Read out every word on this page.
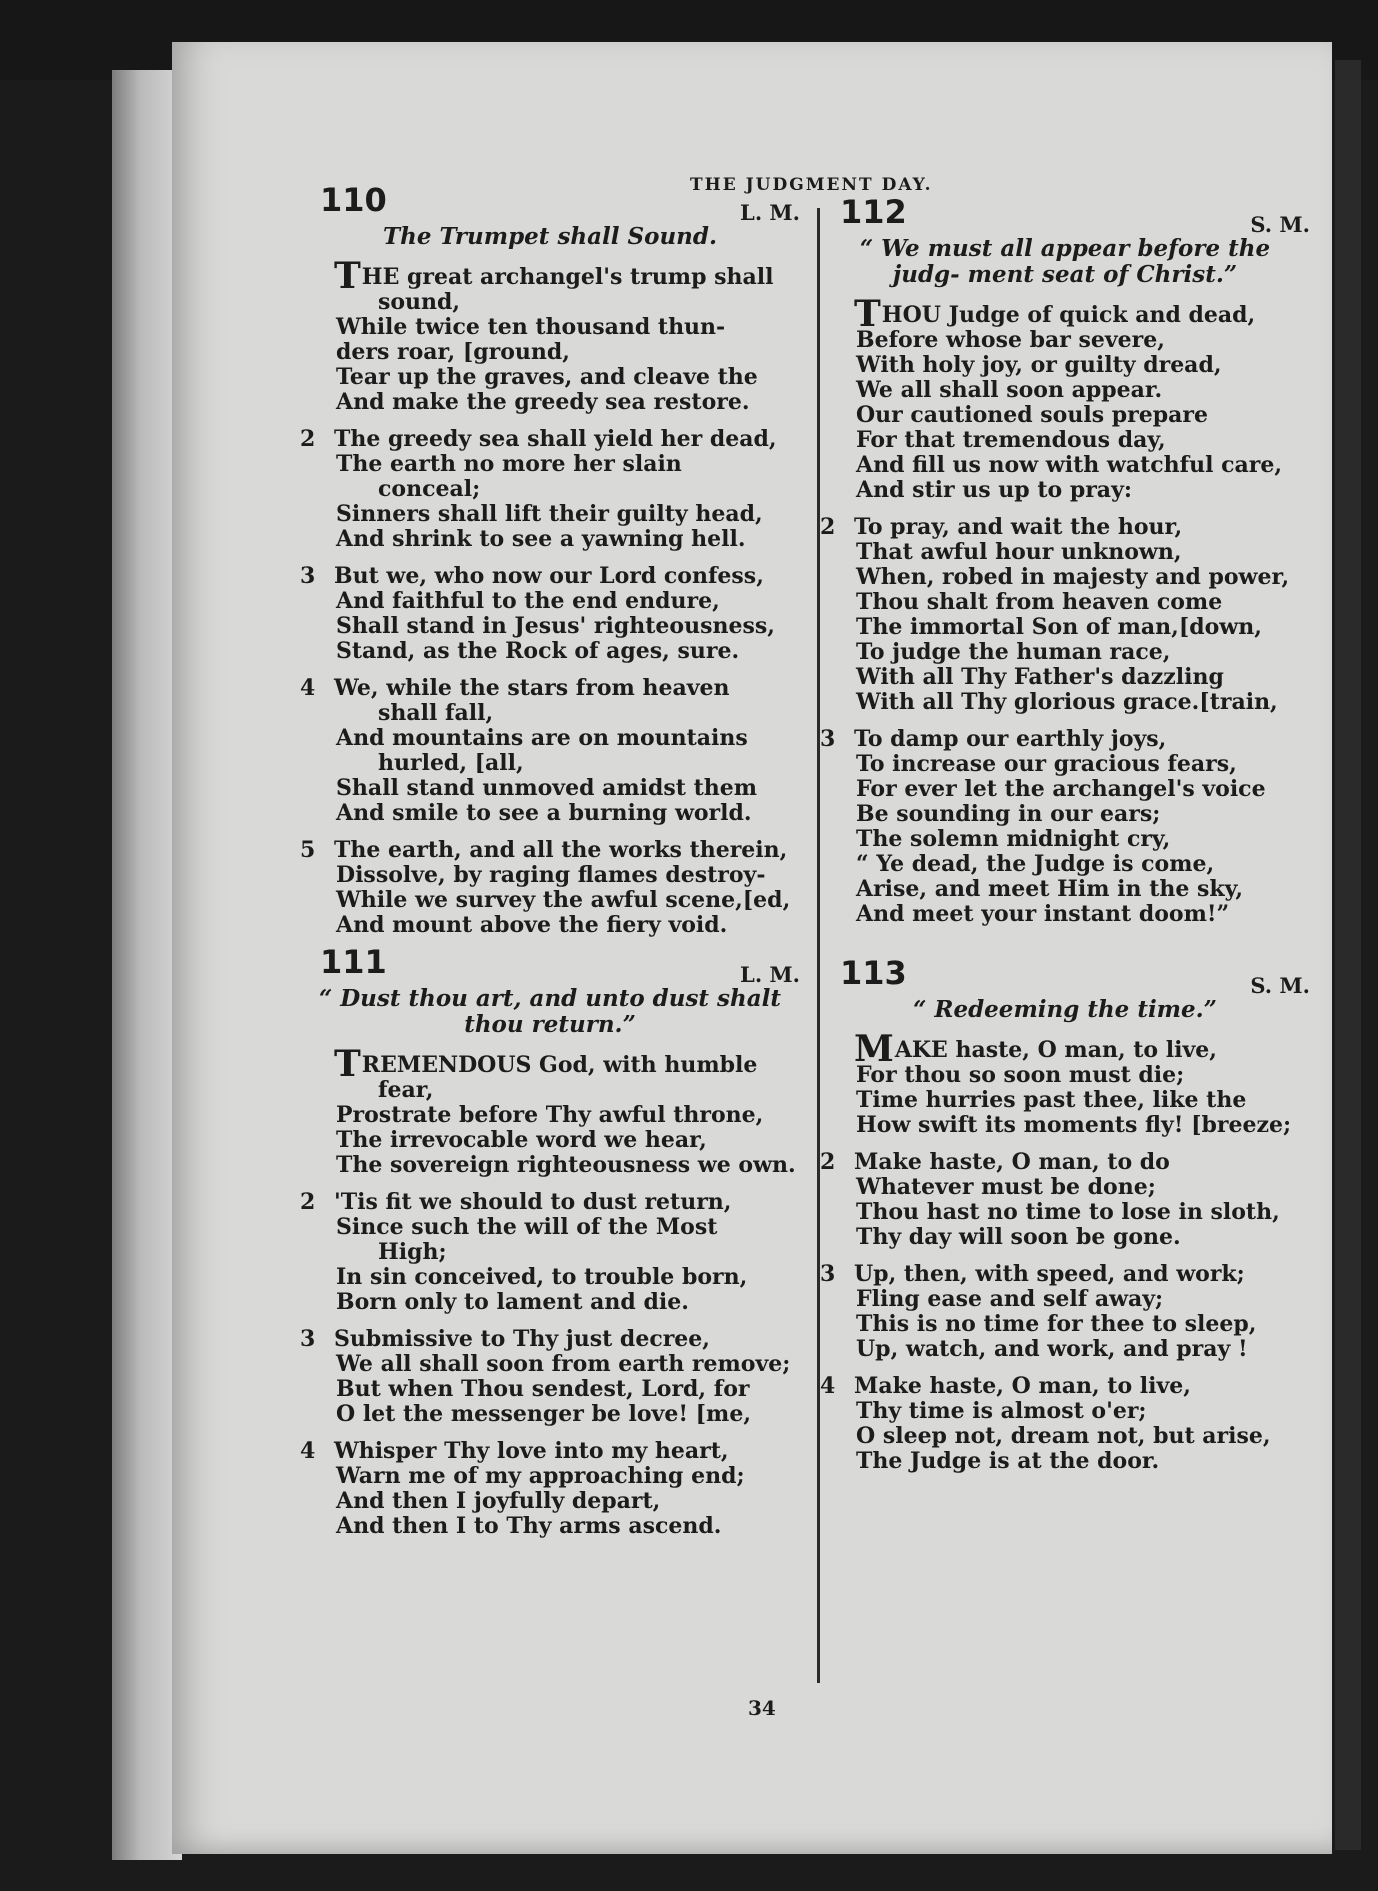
THE JUDGMENT DAY.
110	L. M.
The Trumpet shall Sound.
THE great archangel's trump shall
sound,
While twice ten thousand thun-
ders roar, [ground,
Tear up the graves, and cleave the
And make the greedy sea restore.
2 The greedy sea shall yield her dead,
The earth no more her slain
conceal;
Sinners shall lift their guilty head,
And shrink to see a yawning hell.
3 But we, who now our Lord confess,
And faithful to the end endure,
Shall stand in Jesus' righteousness,
Stand, as the Rock of ages, sure.
4 We, while the stars from heaven
shall fall,
And mountains are on mountains
hurled, [all,
Shall stand unmoved amidst them
And smile to see a burning world.
5 The earth, and all the works therein,
Dissolve, by raging flames destroy-
While we survey the awful scene,[ed,
And mount above the fiery void.
111	L. M.
“ Dust thou art, and unto dust shalt thou return.”
TREMENDOUS God, with humble
fear,
Prostrate before Thy awful throne,
The irrevocable word we hear,
The sovereign righteousness we own.
2 'Tis fit we should to dust return,
Since such the will of the Most
High;
In sin conceived, to trouble born,
Born only to lament and die.
3 Submissive to Thy just decree,
We all shall soon from earth remove;
But when Thou sendest, Lord, for
O let the messenger be love! [me,
4 Whisper Thy love into my heart,
Warn me of my approaching end;
And then I joyfully depart,
And then I to Thy arms ascend.
112	S. M.
“ We must all appear before the judg- ment seat of Christ.”
THOU Judge of quick and dead,
Before whose bar severe,
With holy joy, or guilty dread,
We all shall soon appear.
Our cautioned souls prepare
For that tremendous day,
And fill us now with watchful care,
And stir us up to pray:
2 To pray, and wait the hour,
That awful hour unknown,
When, robed in majesty and power,
Thou shalt from heaven come
The immortal Son of man,[down,
To judge the human race,
With all Thy Father's dazzling
With all Thy glorious grace.[train,
3 To damp our earthly joys,
To increase our gracious fears,
For ever let the archangel's voice
Be sounding in our ears;
The solemn midnight cry,
“ Ye dead, the Judge is come,
Arise, and meet Him in the sky,
And meet your instant doom!”
113	S. M.
“ Redeeming the time.”
MAKE haste, O man, to live,
For thou so soon must die;
Time hurries past thee, like the
How swift its moments fly! [breeze;
2 Make haste, O man, to do
Whatever must be done;
Thou hast no time to lose in sloth,
Thy day will soon be gone.
3 Up, then, with speed, and work;
Fling ease and self away;
This is no time for thee to sleep,
Up, watch, and work, and pray !
4 Make haste, O man, to live,
Thy time is almost o'er;
O sleep not, dream not, but arise,
The Judge is at the door.
34
